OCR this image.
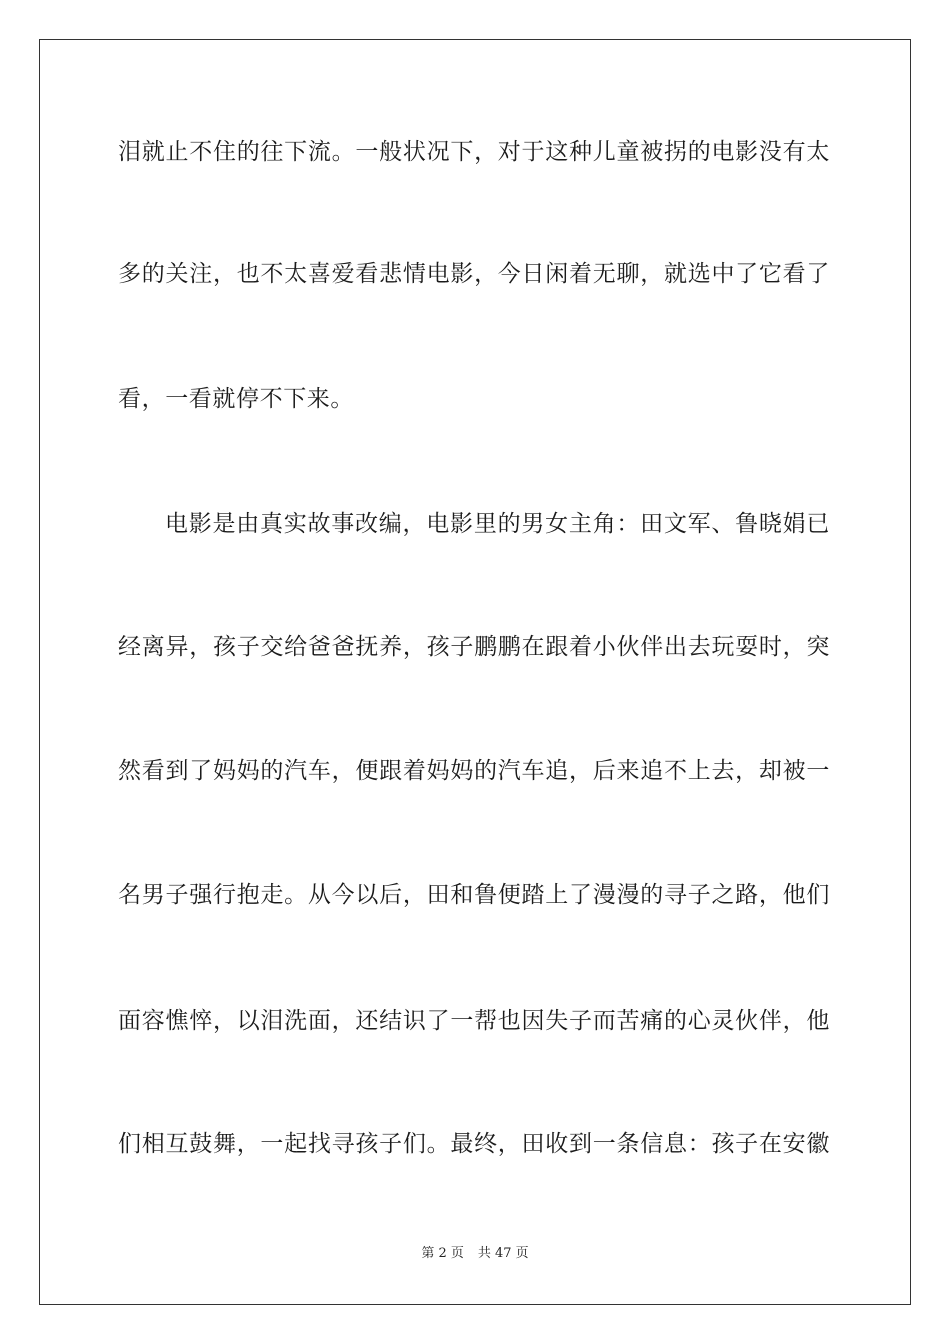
泪就止不住的往下流。一般状况下，对于这种儿童被拐的电影没有太
多的关注，也不太喜爱看悲情电影，今日闲着无聊，就选中了它看了
看，一看就停不下来。
电影是由真实故事改编，电影里的男女主角：田文军、鲁晓娟已
经离异，孩子交给爸爸抚养，孩子鹏鹏在跟着小伙伴出去玩耍时，突
然看到了妈妈的汽车，便跟着妈妈的汽车追，后来追不上去，却被一
名男子强行抱走。从今以后，田和鲁便踏上了漫漫的寻子之路，他们
面容憔悴，以泪洗面，还结识了一帮也因失子而苦痛的心灵伙伴，他
们相互鼓舞，一起找寻孩子们。最终，田收到一条信息：孩子在安徽
第 2 页 共 47 页
